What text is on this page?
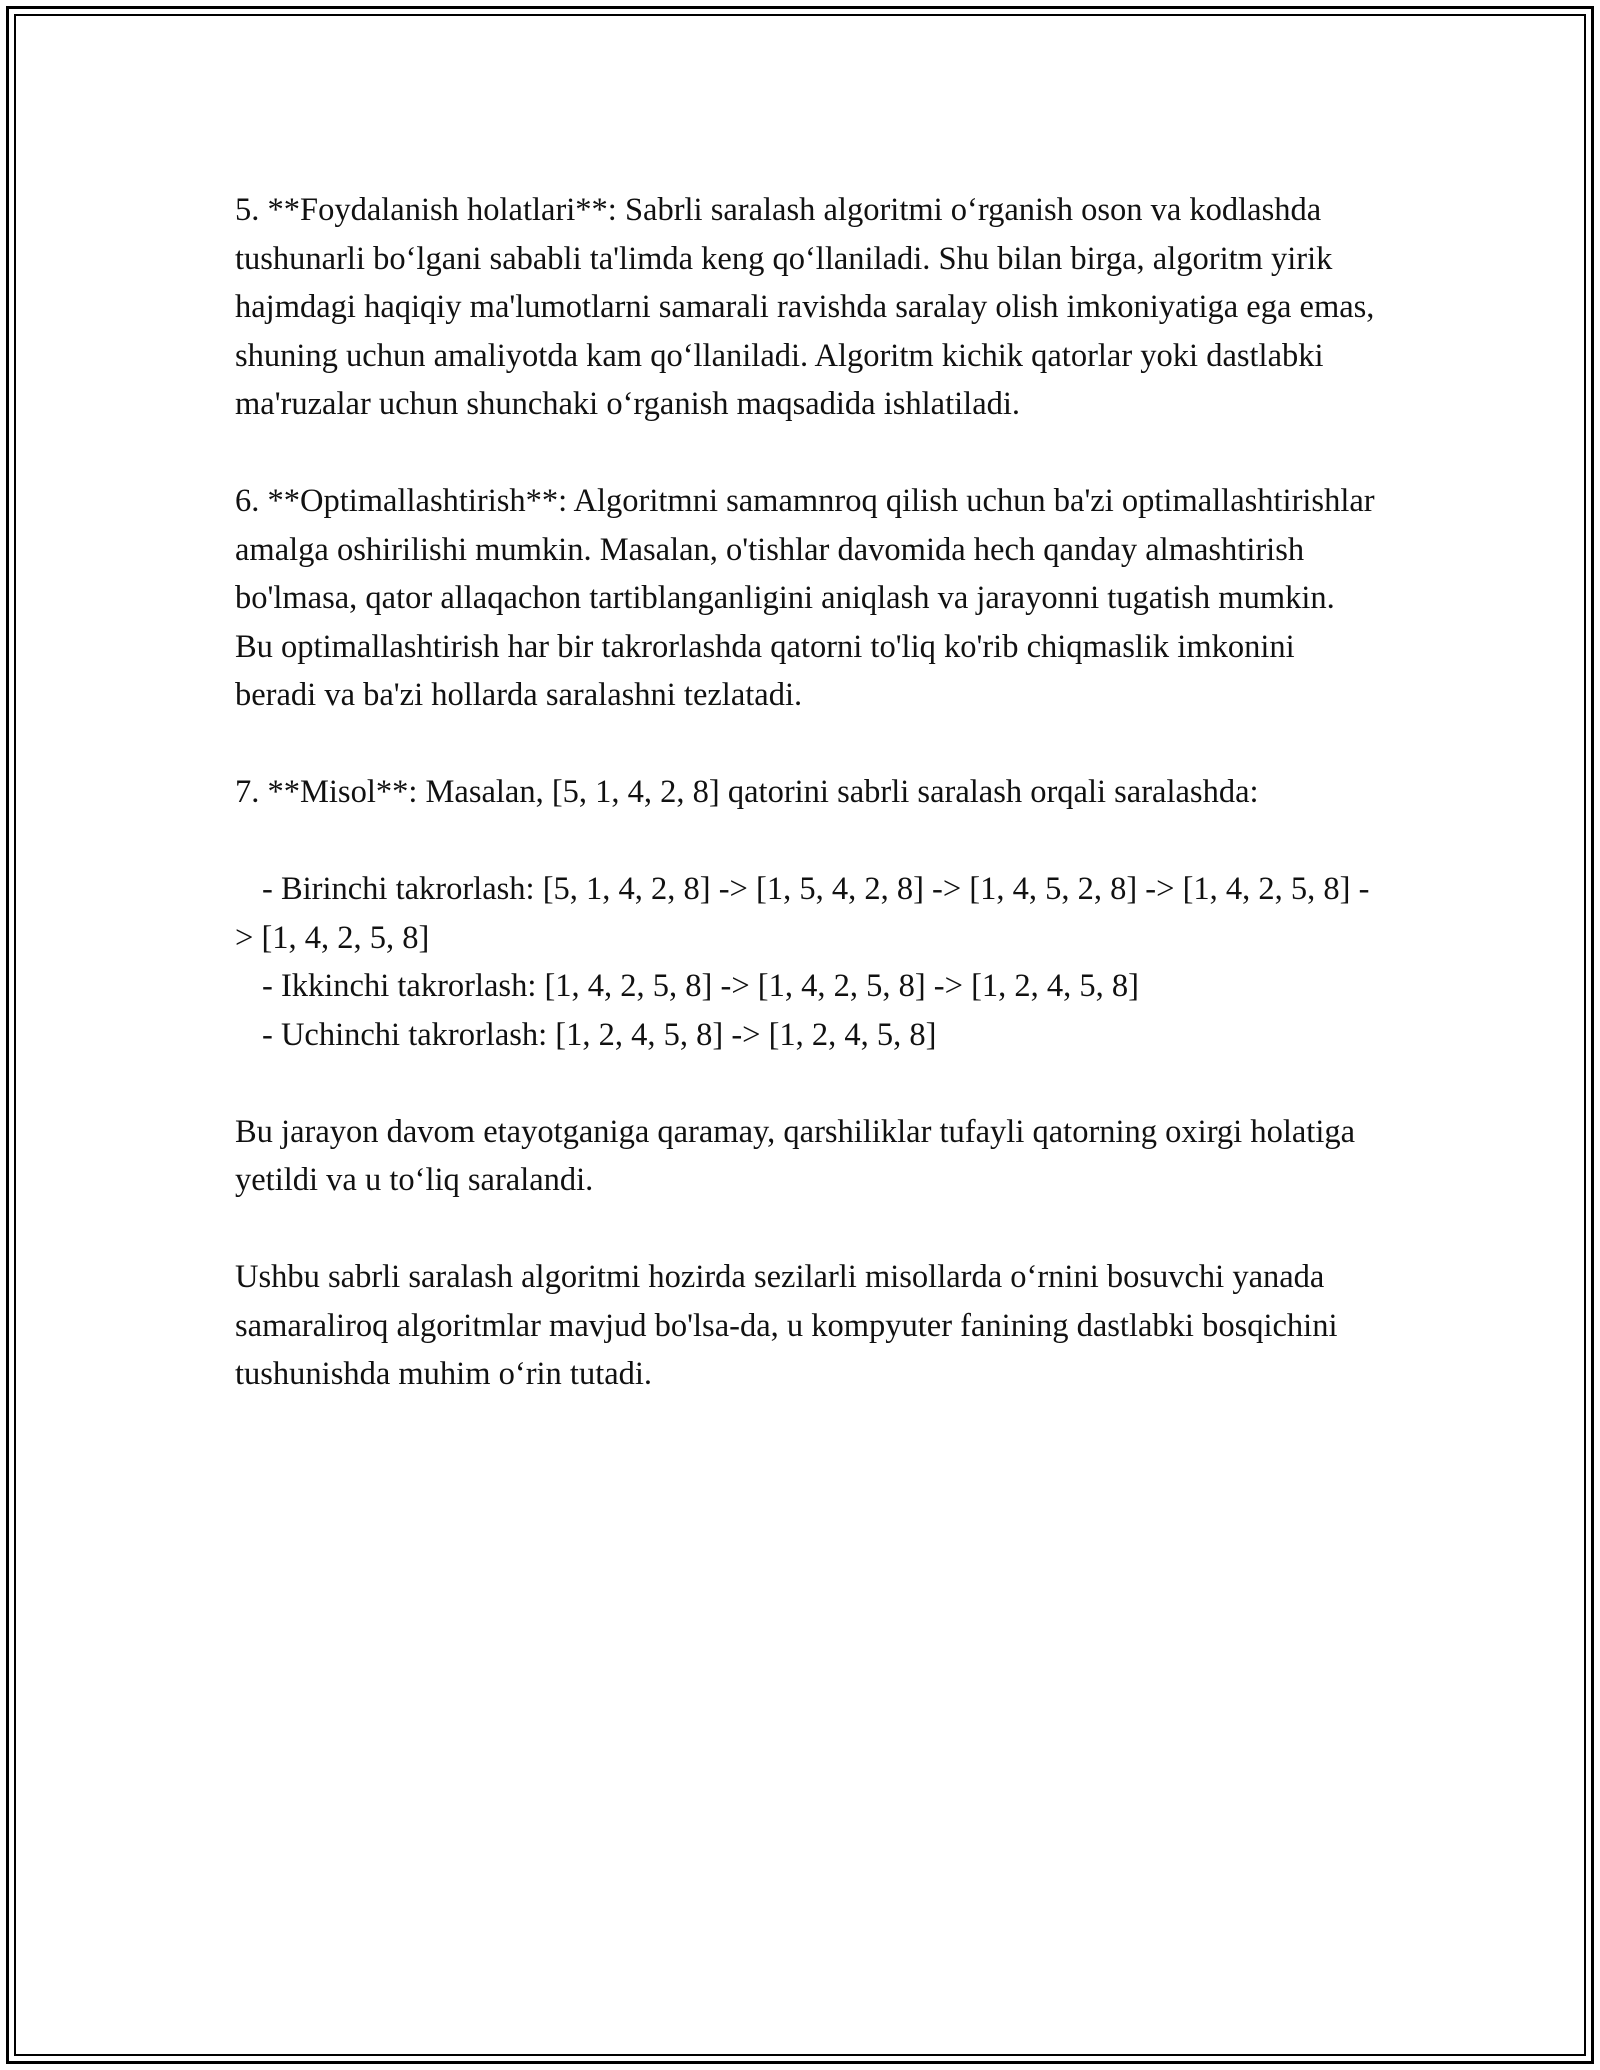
5. **Foydalanish holatlari**: Sabrli saralash algoritmi o‘rganish oson va kodlashda tushunarli bo‘lgani sababli ta'limda keng qo‘llaniladi. Shu bilan birga, algoritm yirik hajmdagi haqiqiy ma'lumotlarni samarali ravishda saralay olish imkoniyatiga ega emas, shuning uchun amaliyotda kam qo‘llaniladi. Algoritm kichik qatorlar yoki dastlabki ma'ruzalar uchun shunchaki o‘rganish maqsadida ishlatiladi.

6. **Optimallashtirish**: Algoritmni samamnroq qilish uchun ba'zi optimallashtirishlar amalga oshirilishi mumkin. Masalan, o'tishlar davomida hech qanday almashtirish bo'lmasa, qator allaqachon tartiblanganligini aniqlash va jarayonni tugatish mumkin. Bu optimallashtirish har bir takrorlashda qatorni to'liq ko'rib chiqmaslik imkonini beradi va ba'zi hollarda saralashni tezlatadi.

7. **Misol**: Masalan, [5, 1, 4, 2, 8] qatorini sabrli saralash orqali saralashda:

- Birinchi takrorlash: [5, 1, 4, 2, 8] -> [1, 5, 4, 2, 8] -> [1, 4, 5, 2, 8] -> [1, 4, 2, 5, 8] -> [1, 4, 2, 5, 8]

- Ikkinchi takrorlash: [1, 4, 2, 5, 8] -> [1, 4, 2, 5, 8] -> [1, 2, 4, 5, 8]

- Uchinchi takrorlash: [1, 2, 4, 5, 8] -> [1, 2, 4, 5, 8]

Bu jarayon davom etayotganiga qaramay, qarshiliklar tufayli qatorning oxirgi holatiga yetildi va u to‘liq saralandi.

Ushbu sabrli saralash algoritmi hozirda sezilarli misollarda o‘rnini bosuvchi yanada samaraliroq algoritmlar mavjud bo'lsa-da, u kompyuter fanining dastlabki bosqichini tushunishda muhim o‘rin tutadi.
